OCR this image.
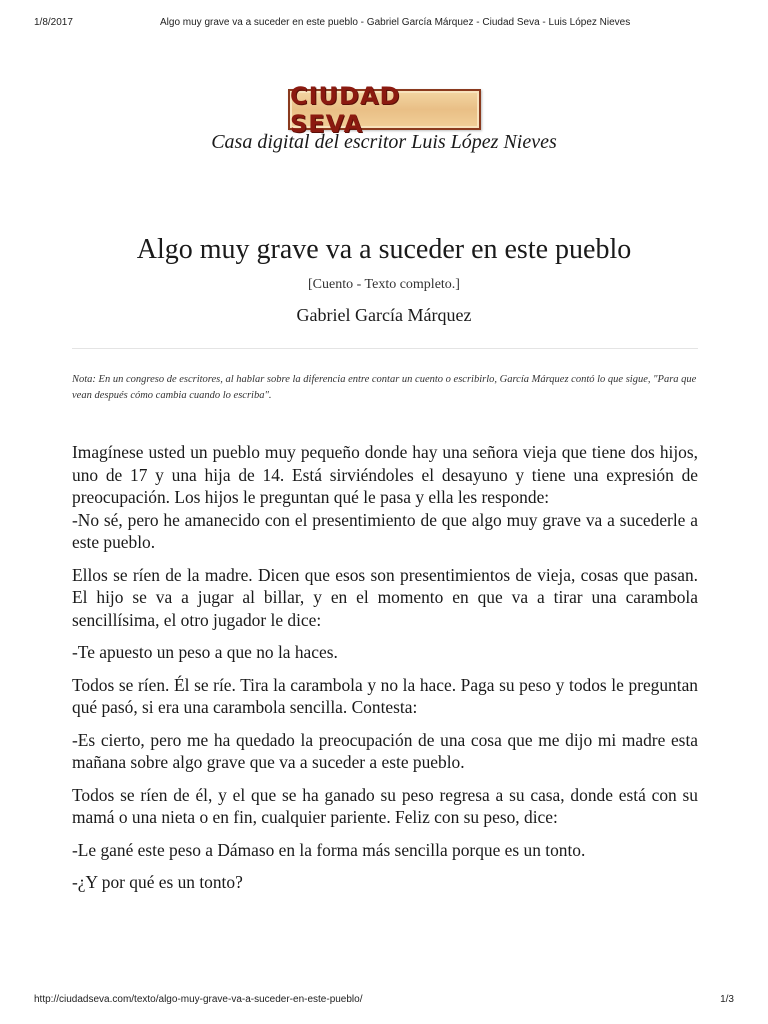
1/8/2017	Algo muy grave va a suceder en este pueblo - Gabriel García Márquez - Ciudad Seva - Luis López Nieves
CIUDAD SEVA
Casa digital del escritor Luis López Nieves
Algo muy grave va a suceder en este pueblo
[Cuento - Texto completo.]
Gabriel García Márquez
Nota: En un congreso de escritores, al hablar sobre la diferencia entre contar un cuento o escribirlo, García Márquez contó lo que sigue, "Para que vean después cómo cambia cuando lo escriba".

Imagínese usted un pueblo muy pequeño donde hay una señora vieja que tiene dos hijos, uno de 17 y una hija de 14. Está sirviéndoles el desayuno y tiene una expresión de preocupación. Los hijos le preguntan qué le pasa y ella les responde:

-No sé, pero he amanecido con el presentimiento de que algo muy grave va a sucederle a este pueblo.

Ellos se ríen de la madre. Dicen que esos son presentimientos de vieja, cosas que pasan. El hijo se va a jugar al billar, y en el momento en que va a tirar una carambola sencillísima, el otro jugador le dice:

-Te apuesto un peso a que no la haces.

Todos se ríen. Él se ríe. Tira la carambola y no la hace. Paga su peso y todos le preguntan qué pasó, si era una carambola sencilla. Contesta:

-Es cierto, pero me ha quedado la preocupación de una cosa que me dijo mi madre esta mañana sobre algo grave que va a suceder a este pueblo.

Todos se ríen de él, y el que se ha ganado su peso regresa a su casa, donde está con su mamá o una nieta o en fin, cualquier pariente. Feliz con su peso, dice:

-Le gané este peso a Dámaso en la forma más sencilla porque es un tonto.

-¿Y por qué es un tonto?

http://ciudadseva.com/texto/algo-muy-grave-va-a-suceder-en-este-pueblo/	1/3
